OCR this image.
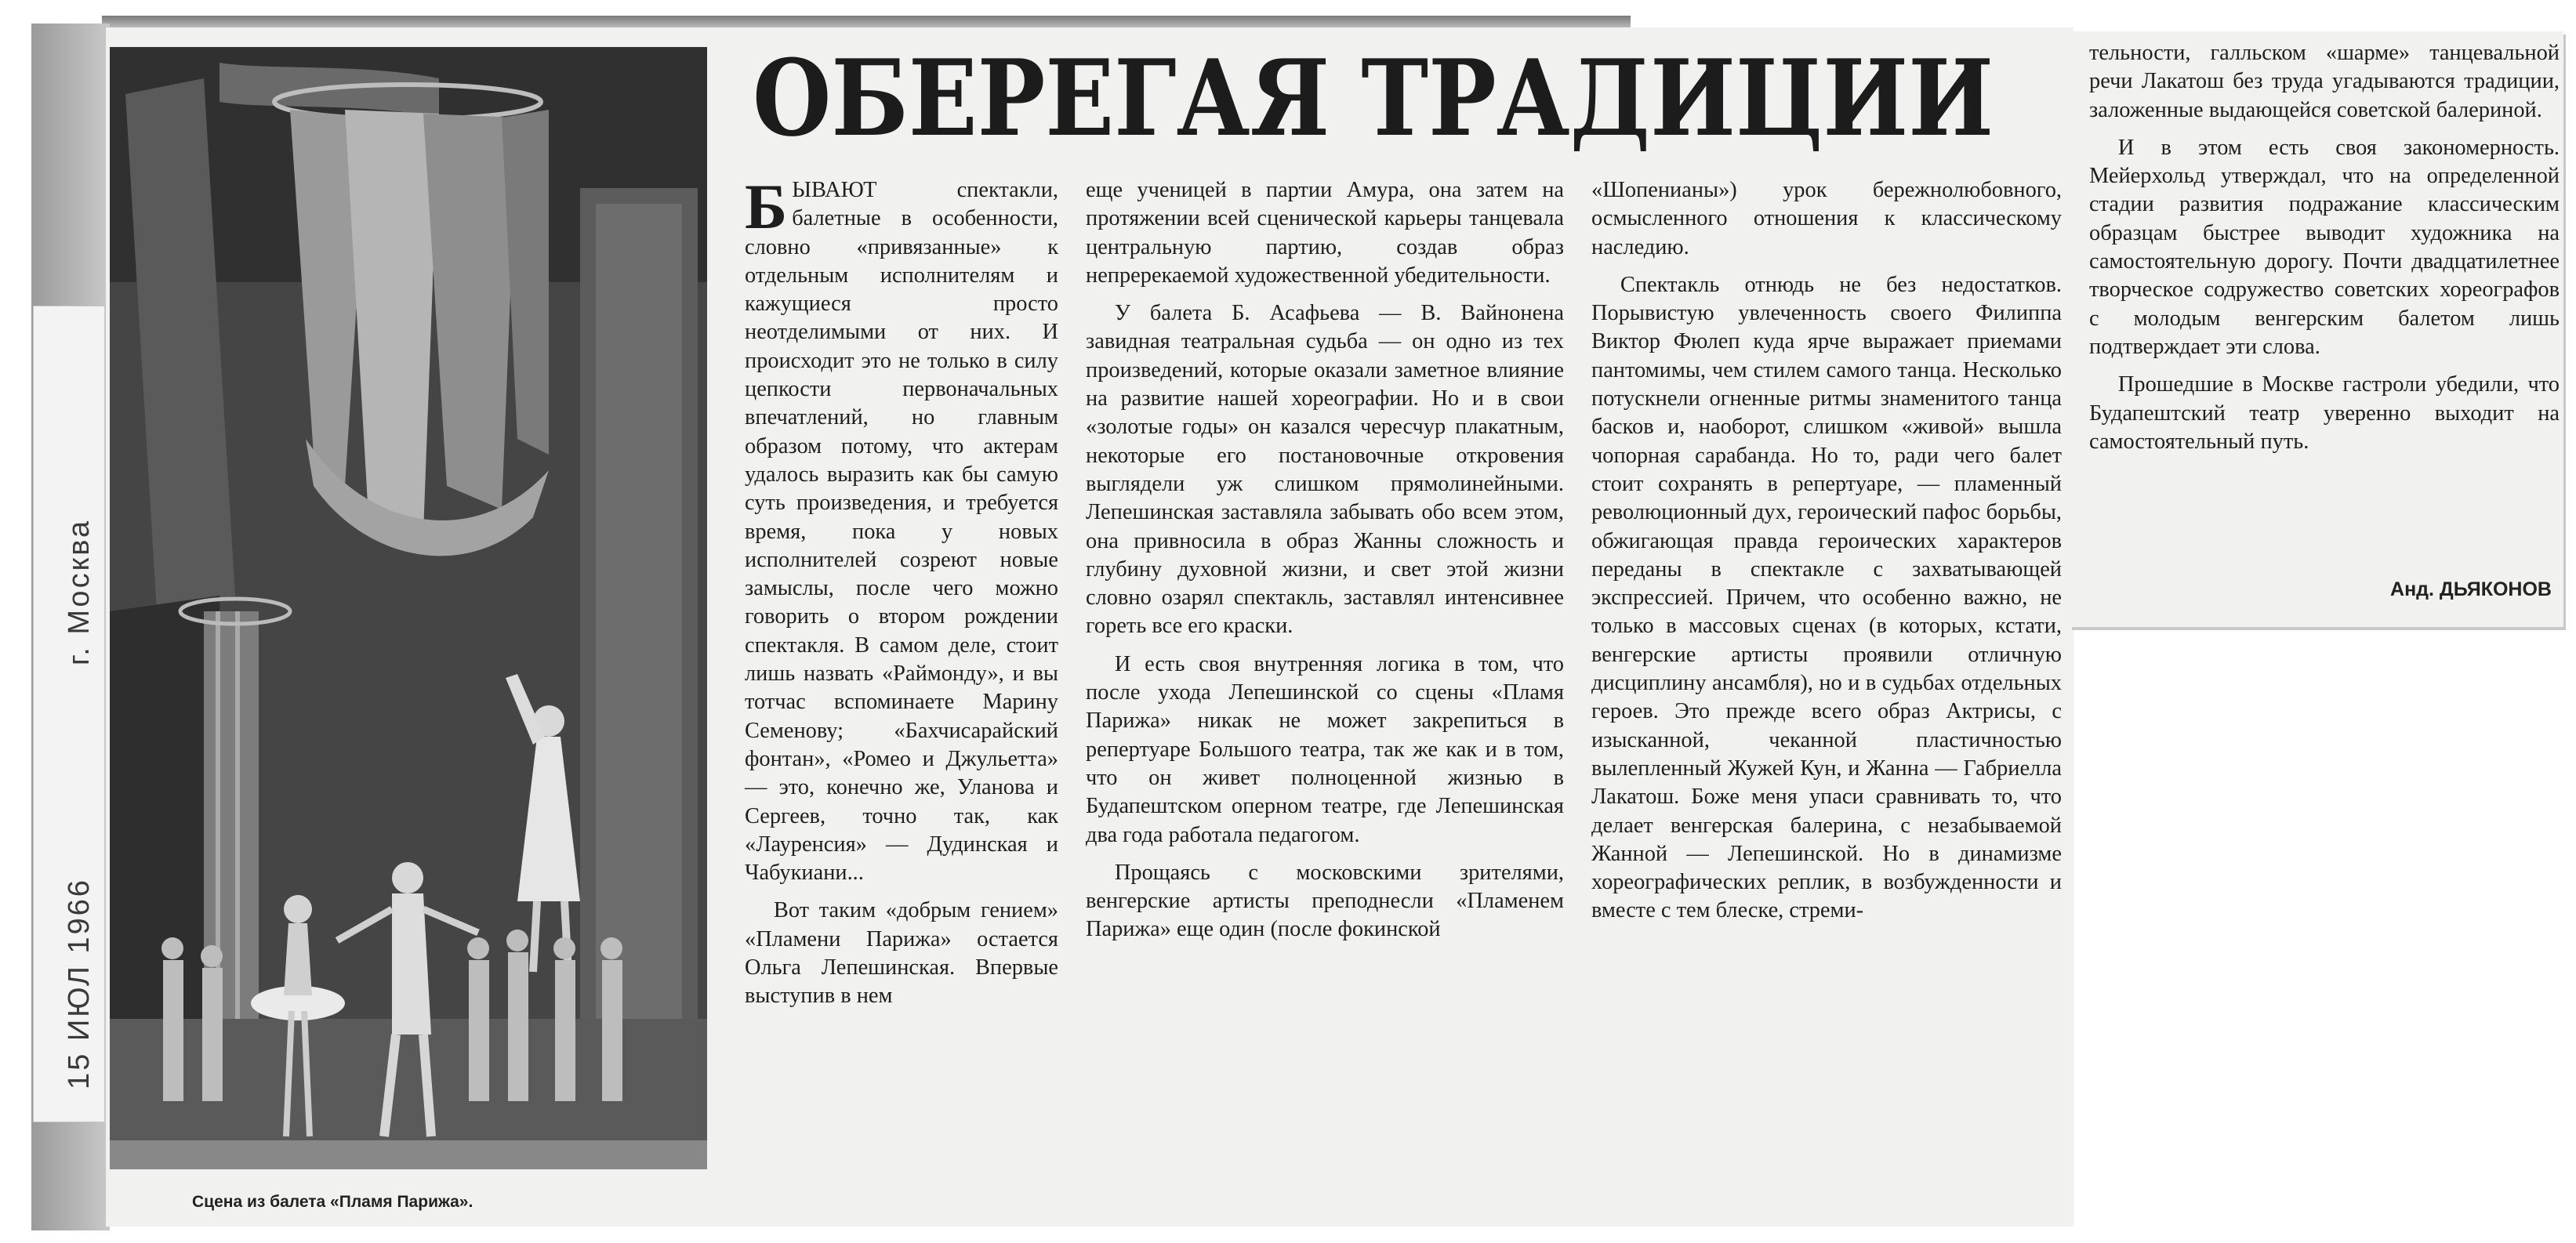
15 ИЮЛ 1966                    г. Москва
Сцена из балета «Пламя Парижа».
ОБЕРЕГАЯ ТРАДИЦИИ

БЫВАЮТ спектакли, балетные в особенности, словно «привязанные» к отдельным исполнителям и кажущиеся просто неотделимыми от них. И происходит это не только в силу цепкости первоначальных впечатлений, но главным образом потому, что актерам удалось выразить как бы самую суть произведения, и требуется время, пока у новых исполнителей созреют новые замыслы, после чего можно говорить о втором рождении спектакля. В самом деле, стоит лишь назвать «Раймонду», и вы тотчас вспоминаете Марину Семенову; «Бахчисарайский фонтан», «Ромео и Джульетта» — это, конечно же, Уланова и Сергеев, точно так, как «Лауренсия» — Дудинская и Чабукиани...

Вот таким «добрым гением» «Пламени Парижа» остается Ольга Лепешинская. Впервые выступив в нем

еще ученицей в партии Амура, она затем на протяжении всей сценической карьеры танцевала центральную партию, создав образ непререкаемой художественной убедительности.

У балета Б. Асафьева — В. Вайнонена завидная театральная судьба — он одно из тех произведений, которые оказали заметное влияние на развитие нашей хореографии. Но и в свои «золотые годы» он казался чересчур плакатным, некоторые его постановочные откровения выглядели уж слишком прямолинейными. Лепешинская заставляла забывать обо всем этом, она привносила в образ Жанны сложность и глубину духовной жизни, и свет этой жизни словно озарял спектакль, заставлял интенсивнее гореть все его краски.

И есть своя внутренняя логика в том, что после ухода Лепешинской со сцены «Пламя Парижа» никак не может закрепиться в репертуаре Большого театра, так же как и в том, что он живет полноценной жизнью в Будапештском оперном театре, где Лепешинская два года работала педагогом.

Прощаясь с московскими зрителями, венгерские артисты преподнесли «Пламенем Парижа» еще один (после фокинской

«Шопенианы») урок бережнолюбовного, осмысленного отношения к классическому наследию.

Спектакль отнюдь не без недостатков. Порывистую увлеченность своего Филиппа Виктор Фюлеп куда ярче выражает приемами пантомимы, чем стилем самого танца. Несколько потускнели огненные ритмы знаменитого танца басков и, наоборот, слишком «живой» вышла чопорная сарабанда. Но то, ради чего балет стоит сохранять в репертуаре, — пламенный революционный дух, героический пафос борьбы, обжигающая правда героических характеров переданы в спектакле с захватывающей экспрессией. Причем, что особенно важно, не только в массовых сценах (в которых, кстати, венгерские артисты проявили отличную дисциплину ансамбля), но и в судьбах отдельных героев. Это прежде всего образ Актрисы, с изысканной, чеканной пластичностью вылепленный Жужей Кун, и Жанна — Габриелла Лакатош. Боже меня упаси сравнивать то, что делает венгерская балерина, с незабываемой Жанной — Лепешинской. Но в динамизме хореографических реплик, в возбужденности и вместе с тем блеске, стреми-

тельности, галльском «шарме» танцевальной речи Лакатош без труда угадываются традиции, заложенные выдающейся советской балериной.

И в этом есть своя закономерность. Мейерхольд утверждал, что на определенной стадии развития подражание классическим образцам быстрее выводит художника на самостоятельную дорогу. Почти двадцатилетнее творческое содружество советских хореографов с молодым венгерским балетом лишь подтверждает эти слова.

Прошедшие в Москве гастроли убедили, что Будапештский театр уверенно выходит на самостоятельный путь.

Анд. ДЬЯКОНОВ
